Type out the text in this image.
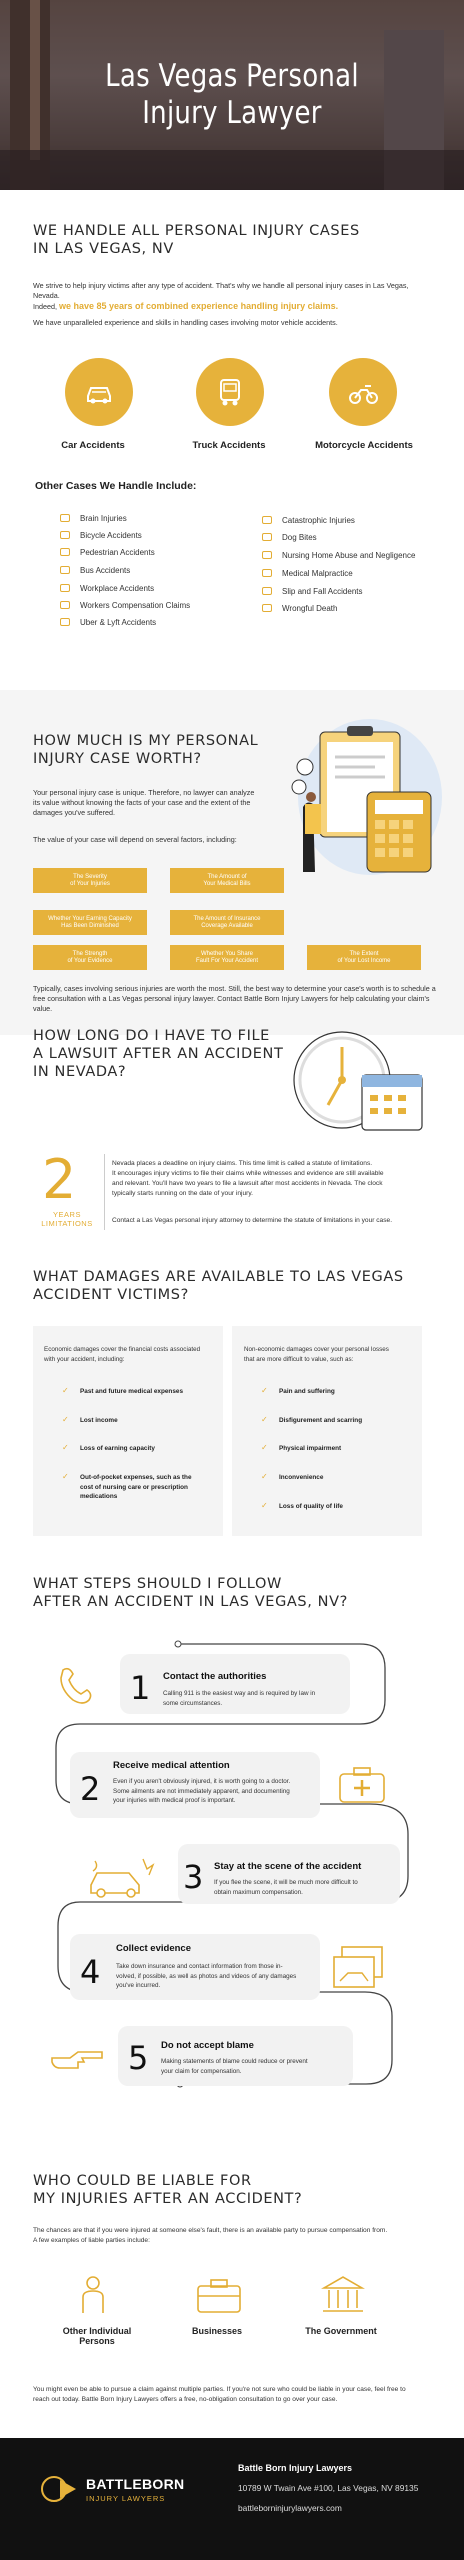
Las Vegas Personal
Injury Lawyer
WE HANDLE ALL PERSONAL INJURY CASES
IN LAS VEGAS, NV

We strive to help injury victims after any type of accident. That's why we handle all personal injury cases in Las Vegas, Nevada.
Indeed, we have 85 years of combined experience handling injury claims.

We have unparalleled experience and skills in handling cases involving motor vehicle accidents.

Car Accidents	Truck Accidents	Motorcycle Accidents
Other Cases We Handle Include:
Brain Injuries
Bicycle Accidents
Pedestrian Accidents
Bus Accidents
Workplace Accidents
Workers Compensation Claims
Uber & Lyft Accidents
Catastrophic Injuries
Dog Bites
Nursing Home Abuse and Negligence
Medical Malpractice
Slip and Fall Accidents
Wrongful Death
HOW MUCH IS MY PERSONAL
INJURY CASE WORTH?

Your personal injury case is unique. Therefore, no lawyer can analyze
its value without knowing the facts of your case and the extent of the
damages you've suffered.

The value of your case will depend on several factors, including:

The Severity
of Your Injuries
The Amount of
Your Medical Bills
Whether Your Earning Capacity
Has Been Diminished
The Amount of Insurance
Coverage Available
The Strength
of Your Evidence
Whether You Share
Fault For Your Accident
The Extent
of Your Lost Income

Typically, cases involving serious injuries are worth the most. Still, the best way to determine your case's worth is to schedule a
free consultation with a Las Vegas personal injury lawyer. Contact Battle Born Injury Lawyers for help calculating your claim's
value.

HOW LONG DO I HAVE TO FILE
A LAWSUIT AFTER AN ACCIDENT
IN NEVADA?
2
YEARS
LIMITATIONS

Nevada places a deadline on injury claims. This time limit is called a statute of limitations.
It encourages injury victims to file their claims while witnesses and evidence are still available
and relevant. You'll have two years to file a lawsuit after most accidents in Nevada. The clock
typically starts running on the date of your injury.

Contact a Las Vegas personal injury attorney to determine the statute of limitations in your case.

WHAT DAMAGES ARE AVAILABLE TO LAS VEGAS
ACCIDENT VICTIMS?

Economic damages cover the financial costs associated
with your accident, including:

Non-economic damages cover your personal losses
that are more difficult to value, such as:

✓ Past and future medical expenses
✓ Lost income
✓ Loss of earning capacity
✓ Out-of-pocket expenses, such as the
cost of nursing care or prescription
medications
✓ Pain and suffering
✓ Disfigurement and scarring
✓ Physical impairment
✓ Inconvenience
✓ Loss of quality of life
WHAT STEPS SHOULD I FOLLOW
AFTER AN ACCIDENT IN LAS VEGAS, NV?
1 Contact the authorities
Calling 911 is the easiest way and is required by law in
some circumstances.
2
Receive medical attention
Even if you aren't obviously injured, it is worth going to a doctor.
Some ailments are not immediately apparent, and documenting
your injuries with medical proof is important.
3 Stay at the scene of the accident
If you flee the scene, it will be much more difficult to
obtain maximum compensation.
4
Collect evidence
Take down insurance and contact information from those in-
volved, if possible, as well as photos and videos of any damages
you've incurred.
5 Do not accept blame
Making statements of blame could reduce or prevent
your claim for compensation.
WHO COULD BE LIABLE FOR
MY INJURIES AFTER AN ACCIDENT?

The chances are that if you were injured at someone else's fault, there is an available party to pursue compensation from.
A few examples of liable parties include:

Other Individual
Persons
Businesses	The Government

You might even be able to pursue a claim against multiple parties. If you're not sure who could be liable in your case, feel free to
reach out today. Battle Born Injury Lawyers offers a free, no-obligation consultation to go over your case.

BATTLEBORN
INJURY LAWYERS
Battle Born Injury Lawyers
10789 W Twain Ave #100, Las Vegas, NV 89135
battleborninjurylawyers.com
